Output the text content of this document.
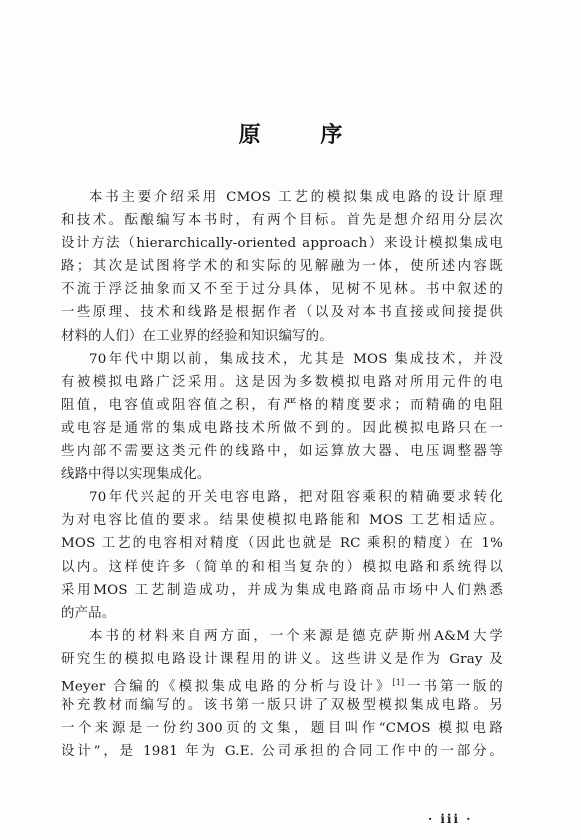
原 序
本书主要介绍采用 CMOS 工艺的模拟集成电路的设计原理
和技术。酝酿编写本书时，有两个目标。首先是想介绍用分层次
设计方法（hierarchically-oriented approach）来设计模拟集成电
路；其次是试图将学术的和实际的见解融为一体，使所述内容既
不流于浮泛抽象而又不至于过分具体，见树不见林。书中叙述的
一些原理、技术和线路是根据作者（以及对本书直接或间接提供
材料的人们）在工业界的经验和知识编写的。
70年代中期以前，集成技术，尤其是 MOS 集成技术，并没
有被模拟电路广泛采用。这是因为多数模拟电路对所用元件的电
阻值，电容值或阻容值之积，有严格的精度要求；而精确的电阻
或电容是通常的集成电路技术所做不到的。因此模拟电路只在一
些内部不需要这类元件的线路中，如运算放大器、电压调整器等
线路中得以实现集成化。
70年代兴起的开关电容电路，把对阻容乘积的精确要求转化
为对电容比值的要求。结果使模拟电路能和 MOS 工艺相适应。
MOS 工艺的电容相对精度（因此也就是 RC 乘积的精度）在 1%
以内。这样使许多（简单的和相当复杂的）模拟电路和系统得以
采用MOS 工艺制造成功，并成为集成电路商品市场中人们熟悉
的产品。
本书的材料来自两方面，一个来源是德克萨斯州A&M大学
研究生的模拟电路设计课程用的讲义。这些讲义是作为 Gray 及
Meyer 合编的《模拟集成电路的分析与设计》[1]一书第一版的
补充教材而编写的。该书第一版只讲了双极型模拟集成电路。另
一个来源是一份约300页的文集，题目叫作“CMOS 模拟电路
设计”，是 1981 年为 G.E. 公司承担的合同工作中的一部分。
· iii ·
